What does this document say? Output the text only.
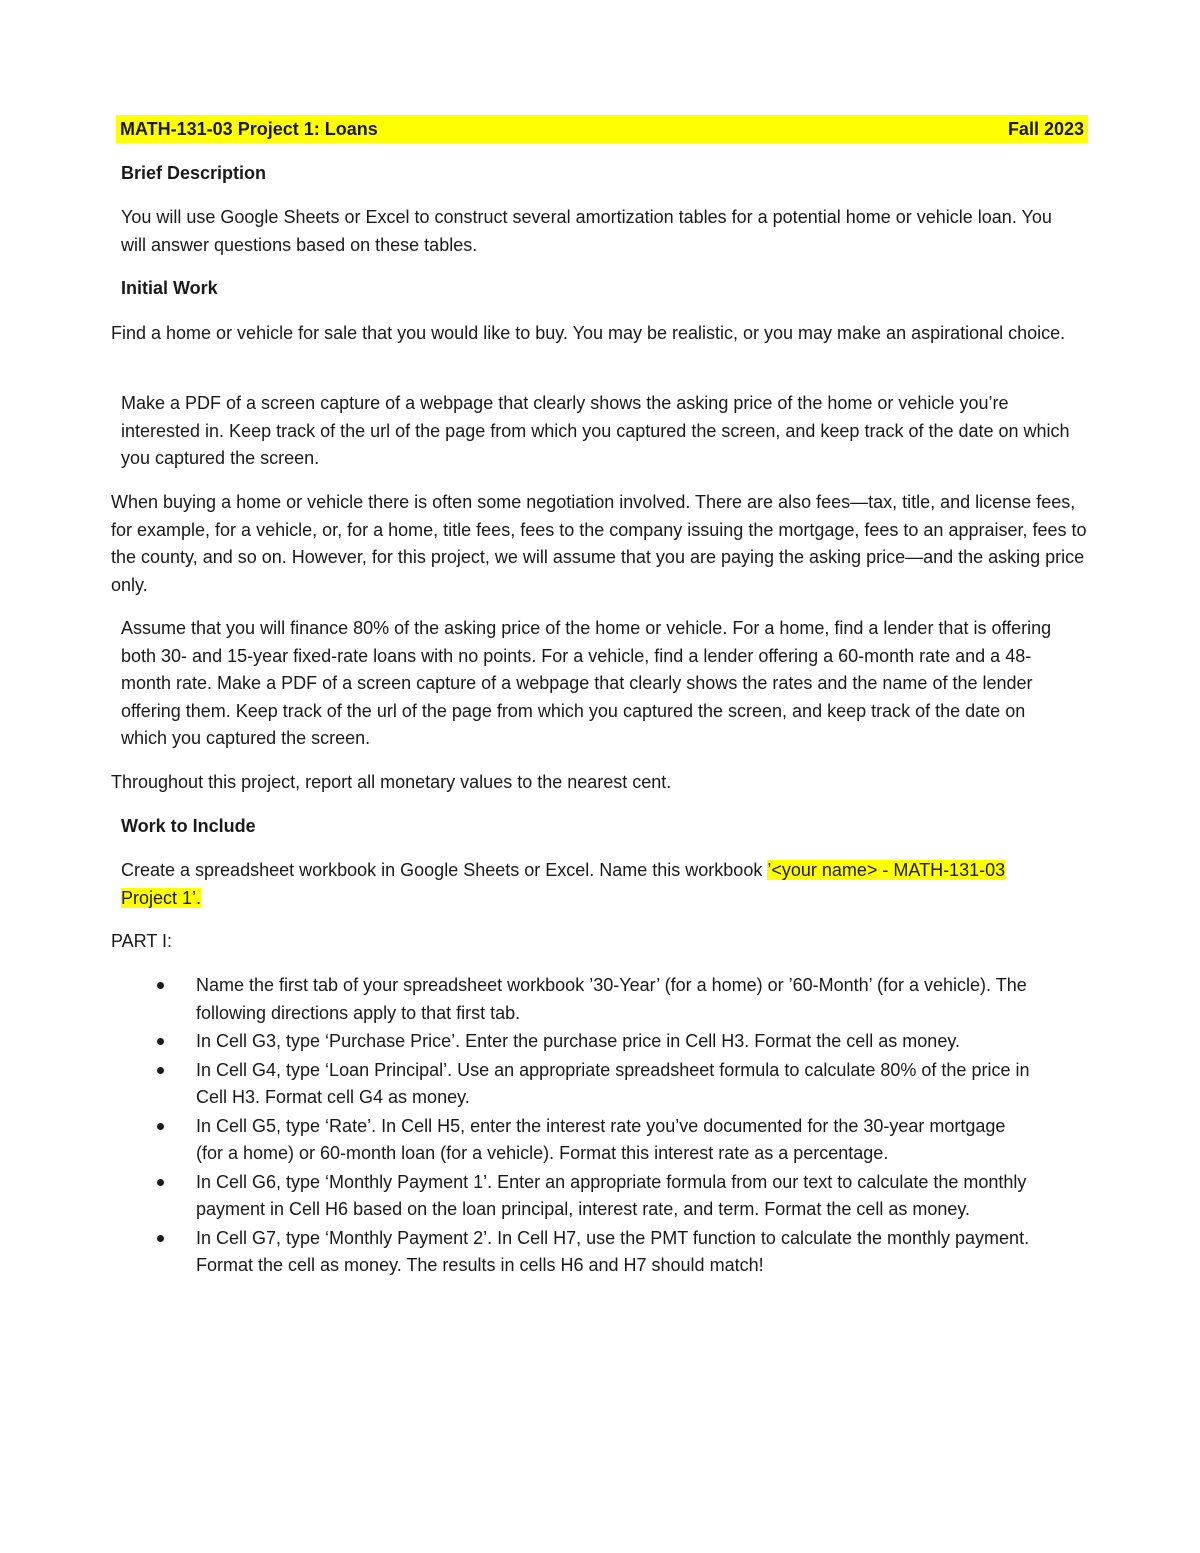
MATH-131-03 Project 1: Loans	Fall 2023
Brief Description
You will use Google Sheets or Excel to construct several amortization tables for a potential home or vehicle loan. You will answer questions based on these tables.
Initial Work
Find a home or vehicle for sale that you would like to buy. You may be realistic, or you may make an aspirational choice.
Make a PDF of a screen capture of a webpage that clearly shows the asking price of the home or vehicle you’re interested in. Keep track of the url of the page from which you captured the screen, and keep track of the date on which you captured the screen.
When buying a home or vehicle there is often some negotiation involved. There are also fees—tax, title, and license fees, for example, for a vehicle, or, for a home, title fees, fees to the company issuing the mortgage, fees to an appraiser, fees to the county, and so on. However, for this project, we will assume that you are paying the asking price—and the asking price only.
Assume that you will finance 80% of the asking price of the home or vehicle. For a home, find a lender that is offering both 30- and 15-year fixed-rate loans with no points. For a vehicle, find a lender offering a 60-month rate and a 48-month rate. Make a PDF of a screen capture of a webpage that clearly shows the rates and the name of the lender offering them. Keep track of the url of the page from which you captured the screen, and keep track of the date on which you captured the screen.
Throughout this project, report all monetary values to the nearest cent.
Work to Include
Create a spreadsheet workbook in Google Sheets or Excel. Name this workbook ’<your name> - MATH-131-03 Project 1’.
PART I:
Name the first tab of your spreadsheet workbook ’30-Year’ (for a home) or ’60-Month’ (for a vehicle). The following directions apply to that first tab.
In Cell G3, type ‘Purchase Price’. Enter the purchase price in Cell H3. Format the cell as money.
In Cell G4, type ‘Loan Principal’. Use an appropriate spreadsheet formula to calculate 80% of the price in Cell H3. Format cell G4 as money.
In Cell G5, type ‘Rate’. In Cell H5, enter the interest rate you’ve documented for the 30-year mortgage (for a home) or 60-month loan (for a vehicle). Format this interest rate as a percentage.
In Cell G6, type ‘Monthly Payment 1’. Enter an appropriate formula from our text to calculate the monthly payment in Cell H6 based on the loan principal, interest rate, and term. Format the cell as money.
In Cell G7, type ‘Monthly Payment 2’. In Cell H7, use the PMT function to calculate the monthly payment. Format the cell as money. The results in cells H6 and H7 should match!
